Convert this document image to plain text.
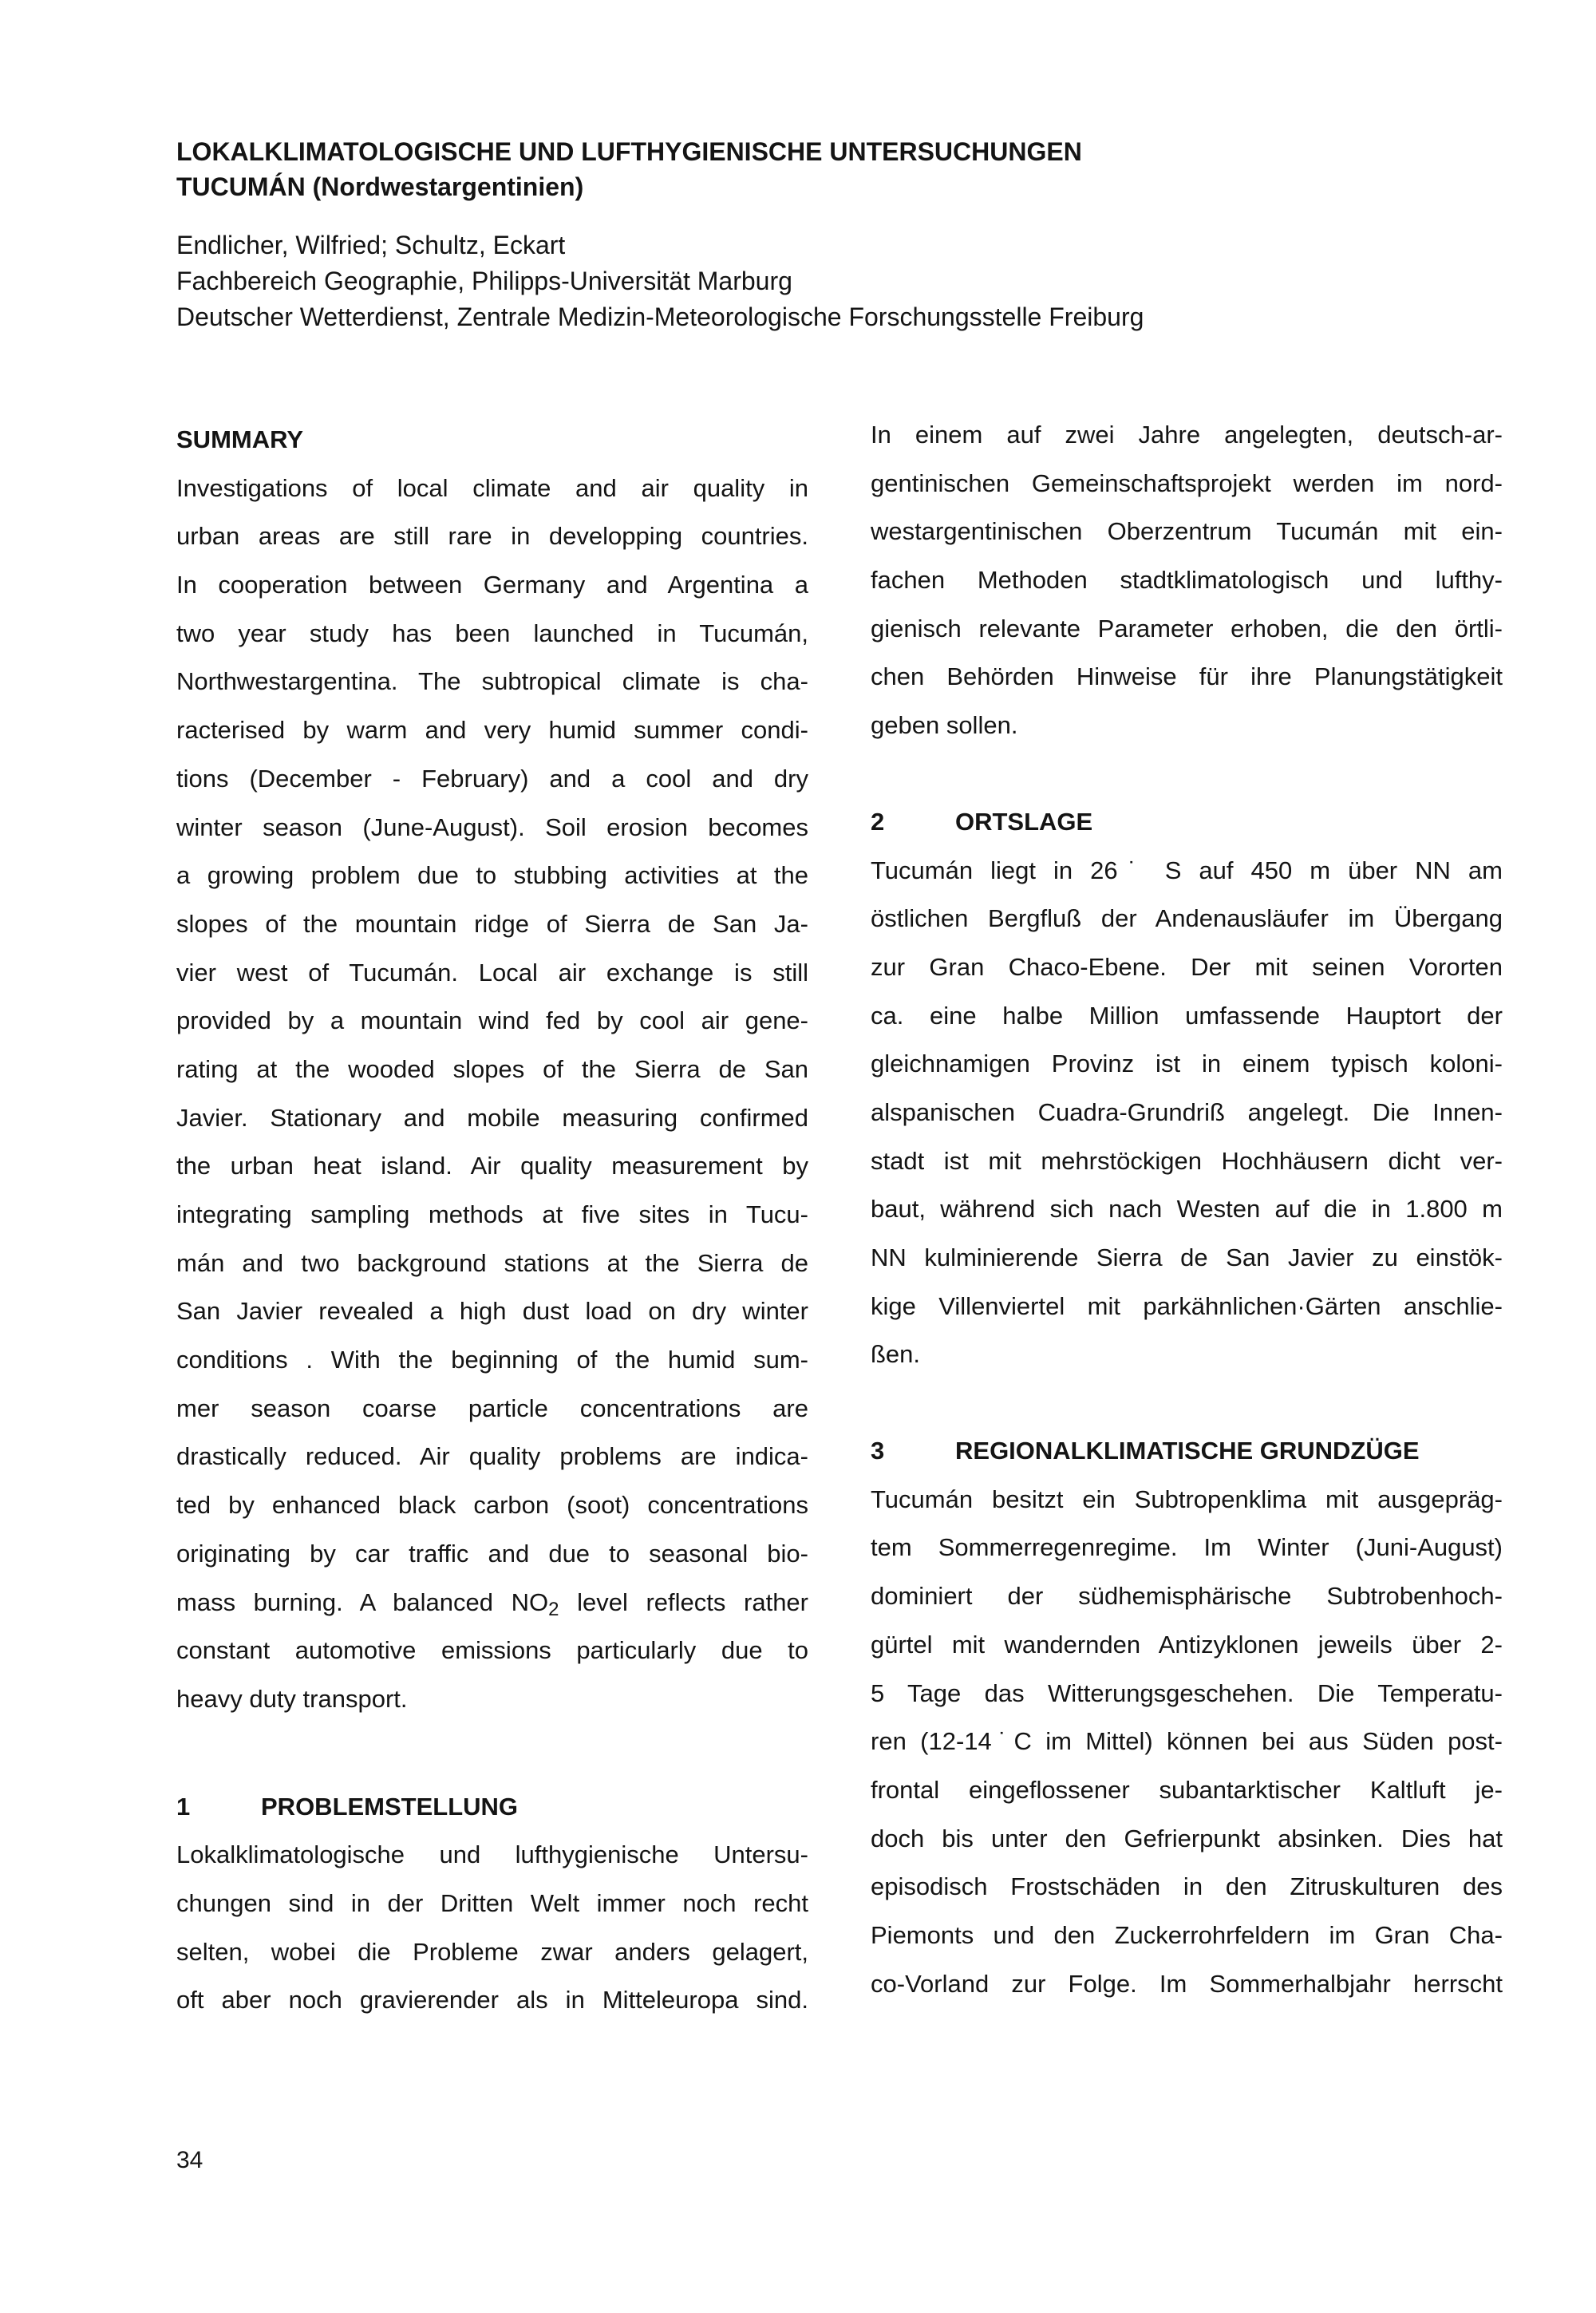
LOKALKLIMATOLOGISCHE UND LUFTHYGIENISCHE UNTERSUCHUNGEN
TUCUMÁN (Nordwestargentinien)
Endlicher, Wilfried; Schultz, Eckart
Fachbereich Geographie, Philipps-Universität Marburg
Deutscher Wetterdienst, Zentrale Medizin-Meteorologische Forschungsstelle Freiburg
SUMMARY
Investigations of local climate and air quality in
urban areas are still rare in developping countries.
In cooperation between Germany and Argentina a
two year study has been launched in Tucumán,
Northwestargentina. The subtropical climate is cha-
racterised by warm and very humid summer condi-
tions (December - February) and a cool and dry
winter season (June-August). Soil erosion becomes
a growing problem due to stubbing activities at the
slopes of the mountain ridge of Sierra de San Ja-
vier west of Tucumán. Local air exchange is still
provided by a mountain wind fed by cool air gene-
rating at the wooded slopes of the Sierra de San
Javier. Stationary and mobile measuring confirmed
the urban heat island. Air quality measurement by
integrating sampling methods at five sites in Tucu-
mán and two background stations at the Sierra de
San Javier revealed a high dust load on dry winter
conditions . With the beginning of the humid sum-
mer season coarse particle concentrations are
drastically reduced. Air quality problems are indica-
ted by enhanced black carbon (soot) concentrations
originating by car traffic and due to seasonal bio-
mass burning. A balanced $NO_2$ level reflects rather
constant automotive emissions particularly due to
heavy duty transport.
1	PROBLEMSTELLUNG
Lokalklimatologische und lufthygienische Untersu-
chungen sind in der Dritten Welt immer noch recht
selten, wobei die Probleme zwar anders gelagert,
oft aber noch gravierender als in Mitteleuropa sind.
In einem auf zwei Jahre angelegten, deutsch-ar-
gentinischen Gemeinschaftsprojekt werden im nord-
westargentinischen Oberzentrum Tucumán mit ein-
fachen Methoden stadtklimatologisch und lufthy-
gienisch relevante Parameter erhoben, die den örtli-
chen Behörden Hinweise für ihre Planungstätigkeit
geben sollen.
2	ORTSLAGE
Tucumán liegt in 26˙ S auf 450 m über NN am
östlichen Bergfluß der Andenausläufer im Übergang
zur Gran Chaco-Ebene. Der mit seinen Vororten
ca. eine halbe Million umfassende Hauptort der
gleichnamigen Provinz ist in einem typisch koloni-
alspanischen Cuadra-Grundriß angelegt. Die Innen-
stadt ist mit mehrstöckigen Hochhäusern dicht ver-
baut, während sich nach Westen auf die in 1.800 m
NN kulminierende Sierra de San Javier zu einstök-
kige Villenviertel mit parkähnlichen·Gärten anschlie-
ßen.
3	REGIONALKLIMATISCHE GRUNDZÜGE
Tucumán besitzt ein Subtropenklima mit ausgepräg-
tem Sommerregenregime. Im Winter (Juni-August)
dominiert der südhemisphärische Subtrobenhoch-
gürtel mit wandernden Antizyklonen jeweils über 2-
5 Tage das Witterungsgeschehen. Die Temperatu-
ren (12-14˙C im Mittel) können bei aus Süden post-
frontal eingeflossener subantarktischer Kaltluft je-
doch bis unter den Gefrierpunkt absinken. Dies hat
episodisch Frostschäden in den Zitruskulturen des
Piemonts und den Zuckerrohrfeldern im Gran Cha-
co-Vorland zur Folge. Im Sommerhalbjahr herrscht
34
